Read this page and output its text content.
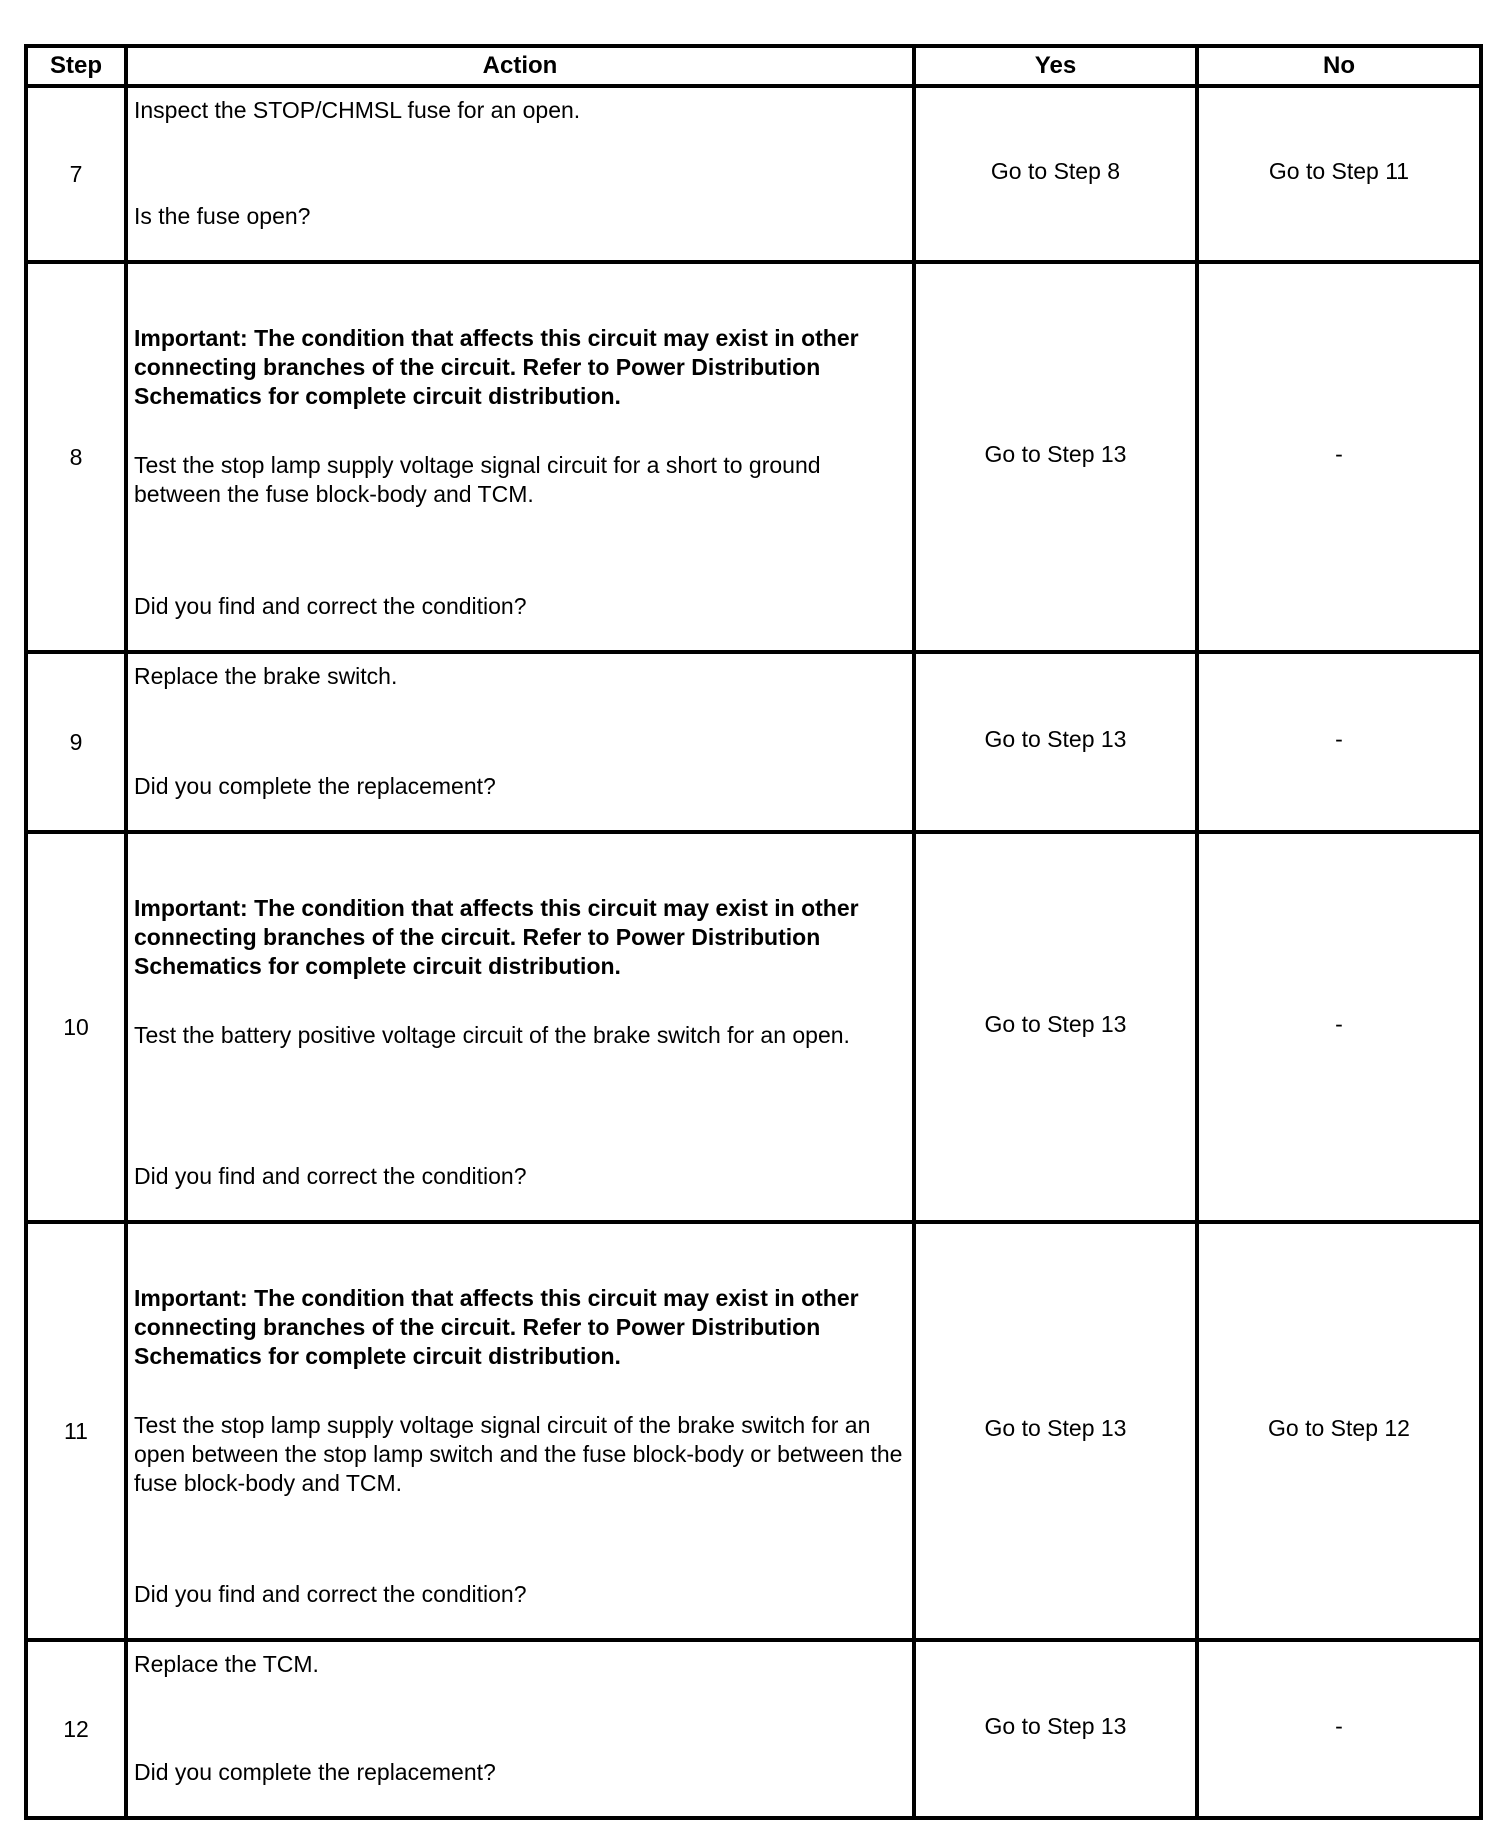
Step	Action	Yes	No
7	Inspect the STOP/CHMSL fuse for an open.

Is the fuse open?	Go to Step 8	Go to Step 11

8	Important: The condition that affects this circuit may exist in other connecting branches of the circuit. Refer to Power Distribution Schematics for complete circuit distribution.

Test the stop lamp supply voltage signal circuit for a short to ground between the fuse block-body and TCM.

Did you find and correct the condition?	Go to Step 13	-

9	Replace the brake switch.

Did you complete the replacement?	Go to Step 13	-

10	Important: The condition that affects this circuit may exist in other connecting branches of the circuit. Refer to Power Distribution Schematics for complete circuit distribution.

Test the battery positive voltage circuit of the brake switch for an open.

Did you find and correct the condition?	Go to Step 13	-

11	Important: The condition that affects this circuit may exist in other connecting branches of the circuit. Refer to Power Distribution Schematics for complete circuit distribution.

Test the stop lamp supply voltage signal circuit of the brake switch for an open between the stop lamp switch and the fuse block-body or between the fuse block-body and TCM.

Did you find and correct the condition?	Go to Step 13	Go to Step 12

12	Replace the TCM.

Did you complete the replacement?	Go to Step 13	-
